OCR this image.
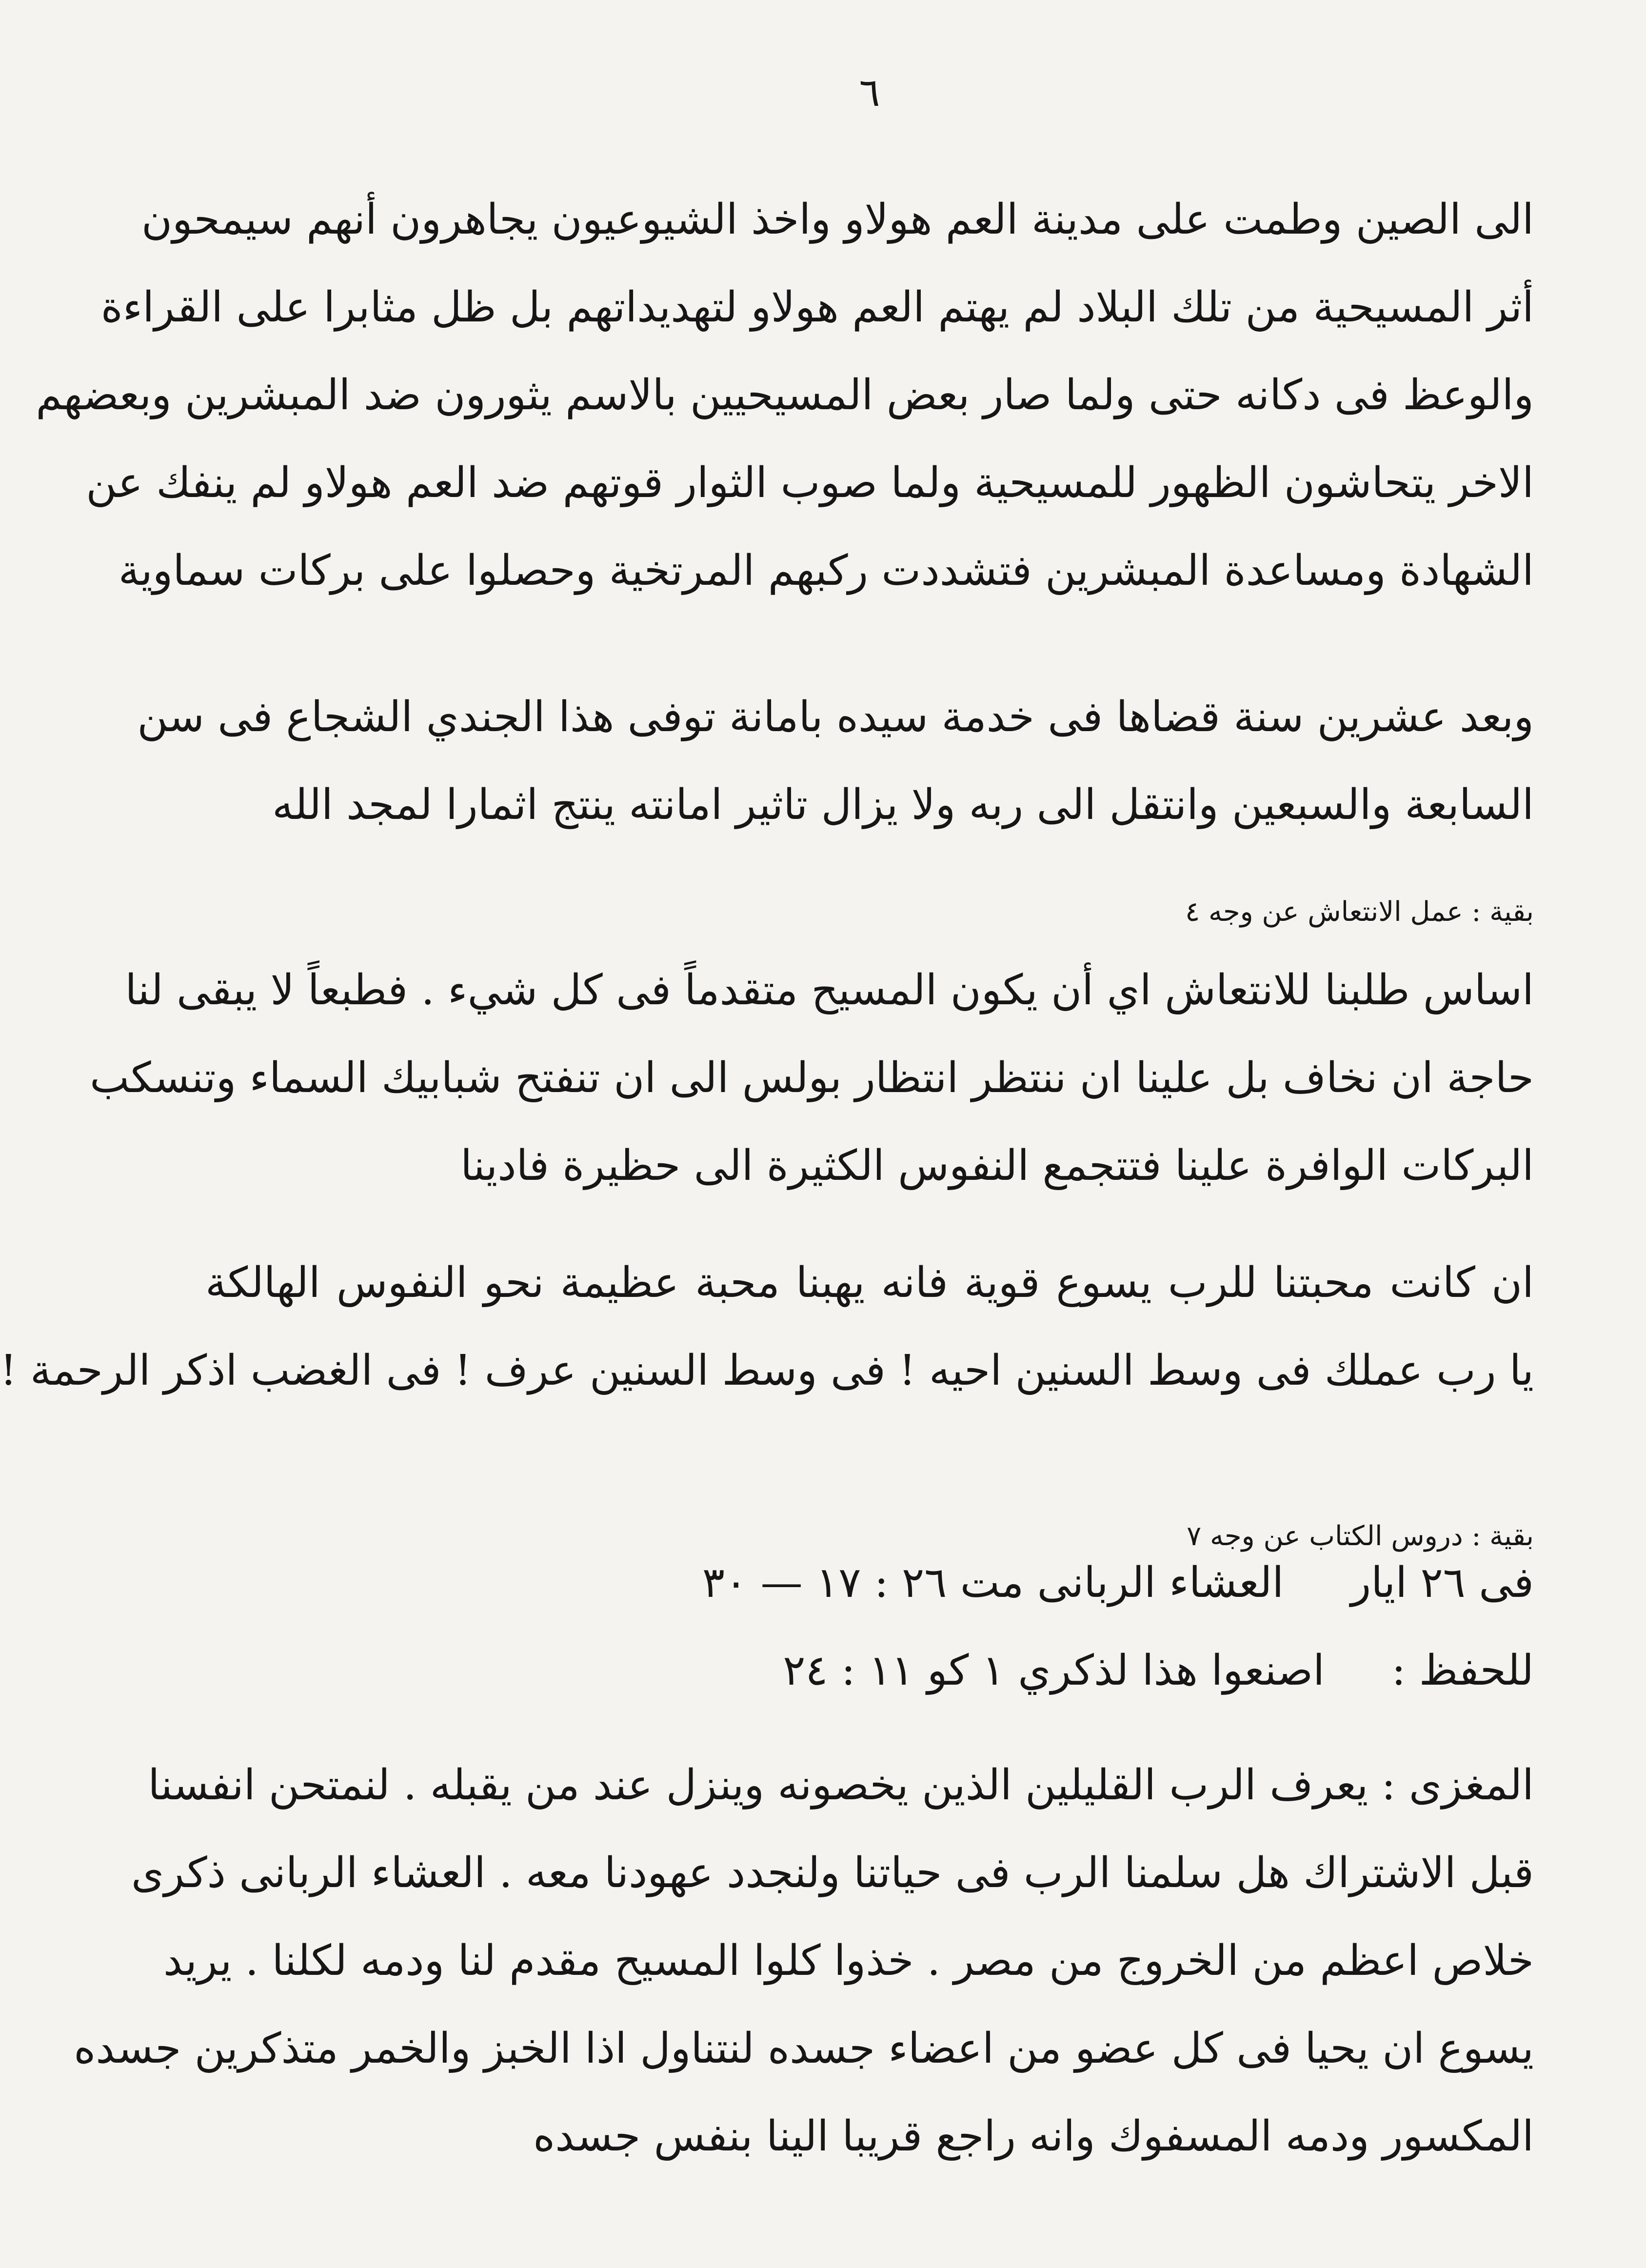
٦
الى الصين وطمت على مدينة العم هولاو واخذ الشيوعيون يجاهرون أنهم سيمحون
أثر المسيحية من تلك البلاد لم يهتم العم هولاو لتهديداتهم بل ظل مثابرا على القراءة
والوعظ فى دكانه حتى ولما صار بعض المسيحيين بالاسم يثورون ضد المبشرين وبعضهم
الاخر يتحاشون الظهور للمسيحية ولما صوب الثوار قوتهم ضد العم هولاو لم ينفك عن
الشهادة ومساعدة المبشرين فتشددت ركبهم المرتخية وحصلوا على بركات سماوية
وبعد عشرين سنة قضاها فى خدمة سيده بامانة توفى هذا الجندي الشجاع فى سن
السابعة والسبعين وانتقل الى ربه ولا يزال تاثير امانته ينتج اثمارا لمجد الله
بقية : عمل الانتعاش عن وجه ٤
اساس طلبنا للانتعاش اي أن يكون المسيح متقدماً فى كل شيء . فطبعاً لا يبقى لنا
حاجة ان نخاف بل علينا ان ننتظر انتظار بولس الى ان تنفتح شبابيك السماء وتنسكب
البركات الوافرة علينا فتتجمع النفوس الكثيرة الى حظيرة فادينا
ان كانت محبتنا للرب يسوع قوية فانه يهبنا محبة عظيمة نحو النفوس الهالكة
يا رب عملك فى وسط السنين احيه ! فى وسط السنين عرف ! فى الغضب اذكر الرحمة !
بقية : دروس الكتاب عن وجه ٧
فى ٢٦ ايار العشاء الربانى مت ٢٦ : ١٧ — ٣٠
للحفظ : اصنعوا هذا لذكري ١ كو ١١ : ٢٤
المغزى : يعرف الرب القليلين الذين يخصونه وينزل عند من يقبله . لنمتحن انفسنا
قبل الاشتراك هل سلمنا الرب فى حياتنا ولنجدد عهودنا معه . العشاء الربانى ذكرى
خلاص اعظم من الخروج من مصر . خذوا كلوا المسيح مقدم لنا ودمه لكلنا . يريد
يسوع ان يحيا فى كل عضو من اعضاء جسده لنتناول اذا الخبز والخمر متذكرين جسده
المكسور ودمه المسفوك وانه راجع قريبا الينا بنفس جسده
